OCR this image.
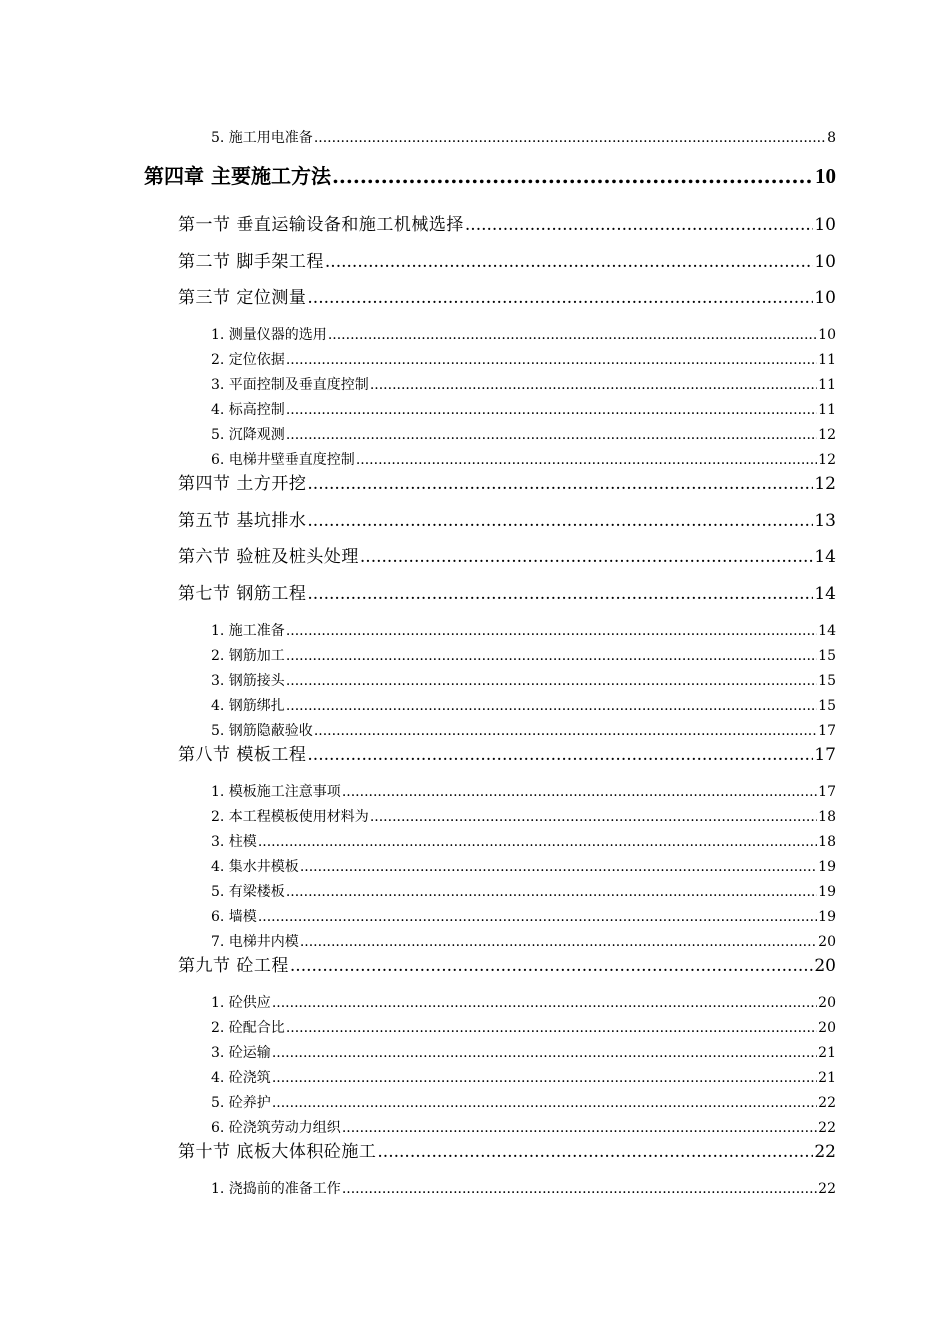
5. 施工用电准备 .....	8
第四章 主要施工方法 .....	10
第一节 垂直运输设备和施工机械选择 .....	10
第二节 脚手架工程 .....	10
第三节 定位测量 .....	10
1. 测量仪器的选用 .....	10
2. 定位依据 .....	11
3. 平面控制及垂直度控制 .....	11
4. 标高控制 .....	11
5. 沉降观测 .....	12
6. 电梯井壁垂直度控制 .....	12
第四节 土方开挖 .....	12
第五节 基坑排水 .....	13
第六节 验桩及桩头处理 .....	14
第七节 钢筋工程 .....	14
1. 施工准备 .....	14
2. 钢筋加工 .....	15
3. 钢筋接头 .....	15
4. 钢筋绑扎 .....	15
5. 钢筋隐蔽验收 .....	17
第八节 模板工程 .....	17
1. 模板施工注意事项 .....	17
2. 本工程模板使用材料为 .....	18
3. 柱模 .....	18
4. 集水井模板 .....	19
5. 有梁楼板 .....	19
6. 墙模 .....	19
7. 电梯井内模 .....	20
第九节 砼工程 .....	20
1. 砼供应 .....	20
2. 砼配合比 .....	20
3. 砼运输 .....	21
4. 砼浇筑 .....	21
5. 砼养护 .....	22
6. 砼浇筑劳动力组织 .....	22
第十节 底板大体积砼施工 .....	22
1. 浇捣前的准备工作 .....	22
